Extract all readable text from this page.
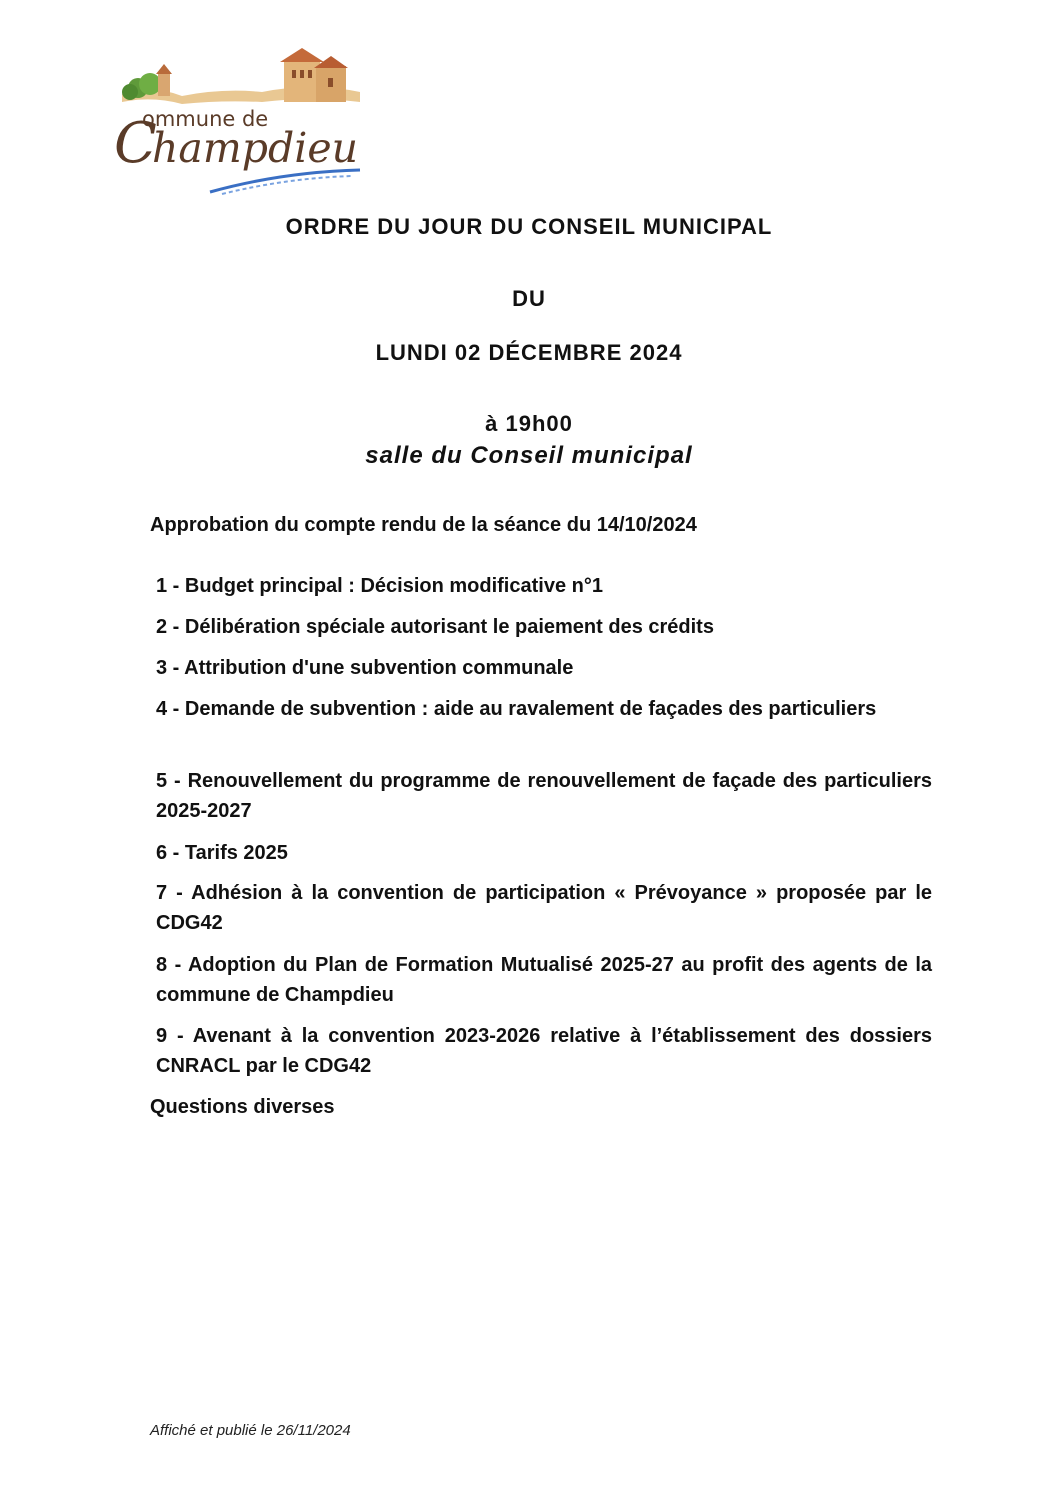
C
ommune de
hampdieu
ORDRE DU JOUR DU CONSEIL MUNICIPAL
DU
LUNDI 02 DÉCEMBRE 2024
à 19h00
salle du Conseil municipal
Approbation du compte rendu de la séance du 14/10/2024
1 - Budget principal : Décision modificative n°1
2 - Délibération spéciale autorisant le paiement des crédits
3 - Attribution d'une subvention communale
4 - Demande de subvention : aide au ravalement de façades des particuliers
5 - Renouvellement du programme de renouvellement de façade des particuliers 2025-2027
6 - Tarifs 2025
7 - Adhésion à la convention de participation « Prévoyance » proposée par le CDG42
8 - Adoption du Plan de Formation Mutualisé 2025-27 au profit des agents de la commune de Champdieu
9 - Avenant à la convention 2023-2026 relative à l’établissement des dossiers CNRACL par le CDG42
Questions diverses
Affiché et publié le 26/11/2024
